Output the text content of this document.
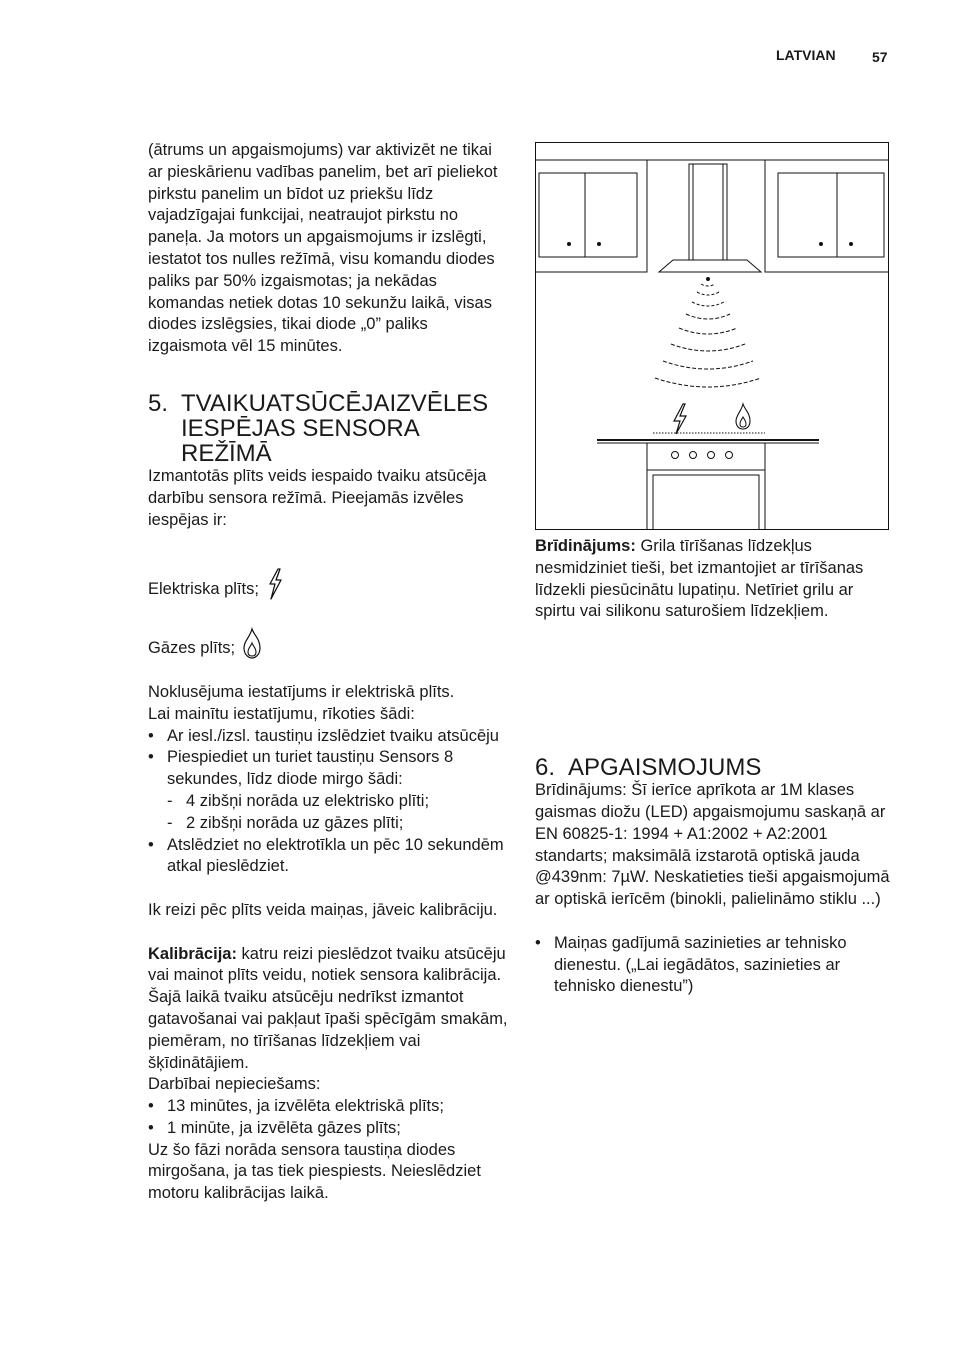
LATVIAN	57

(ātrums un apgaismojums) var aktivizēt ne tikai ar pieskārienu vadības panelim, bet arī pieliekot pirkstu panelim un bīdot uz priekšu līdz vajadzīgajai funkcijai, neatraujot pirkstu no paneļa. Ja motors un apgaismojums ir izslēgti, iestatot tos nulles režīmā, visu komandu diodes paliks par 50% izgaismotas; ja nekādas komandas netiek dotas 10 sekunžu laikā, visas diodes izslēgsies, tikai diode „0” paliks izgaismota vēl 15 minūtes.

5. TVAIKUATSŪCĒJAIZVĒLES IESPĒJAS SENSORA REŽĪMĀ

Izmantotās plīts veids iespaido tvaiku atsūcēja darbību sensora režīmā. Pieejamās izvēles iespējas ir:

Elektriska plīts;

Gāzes plīts;

Noklusējuma iestatījums ir elektriskā plīts.

Lai mainītu iestatījumu, rīkoties šādi:

• Ar iesl./izsl. taustiņu izslēdziet tvaiku atsūcēju
• Piespiediet un turiet taustiņu Sensors 8 sekundes, līdz diode mirgo šādi:
- 4 zibšņi norāda uz elektrisko plīti;
- 2 zibšņi norāda uz gāzes plīti;
• Atslēdziet no elektrotīkla un pēc 10 sekundēm atkal pieslēdziet.

Ik reizi pēc plīts veida maiņas, jāveic kalibrāciju.

Kalibrācija: katru reizi pieslēdzot tvaiku atsūcēju vai mainot plīts veidu, notiek sensora kalibrācija. Šajā laikā tvaiku atsūcēju nedrīkst izmantot gatavošanai vai pakļaut īpaši spēcīgām smakām, piemēram, no tīrīšanas līdzekļiem vai šķīdinātājiem.

Darbībai nepieciešams:

• 13 minūtes, ja izvēlēta elektriskā plīts;
• 1 minūte, ja izvēlēta gāzes plīts;

Uz šo fāzi norāda sensora taustiņa diodes mirgošana, ja tas tiek piespiests. Neieslēdziet motoru kalibrācijas laikā.

Brīdinājums: Grila tīrīšanas līdzekļus nesmidziniet tieši, bet izmantojiet ar tīrīšanas līdzekli piesūcinātu lupatiņu. Netīriet grilu ar spirtu vai silikonu saturošiem līdzekļiem.

6. APGAISMOJUMS

Brīdinājums: Šī ierīce aprīkota ar 1M klases gaismas diožu (LED) apgaismojumu saskaņā ar EN 60825-1: 1994 + A1:2002 + A2:2001 standarts; maksimālā izstarotā optiskā jauda @439nm: 7µW. Neskatieties tieši apgaismojumā ar optiskā ierīcēm (binokli, palielināmo stiklu ...)

• Maiņas gadījumā sazinieties ar tehnisko dienestu. („Lai iegādātos, sazinieties ar tehnisko dienestu”)
